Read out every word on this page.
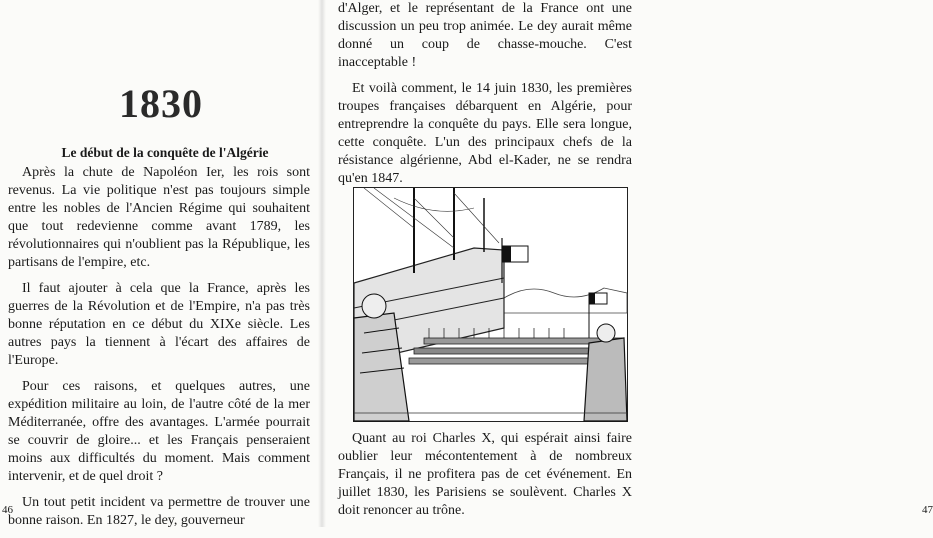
1830
Le début de la conquête de l'Algérie

Après la chute de Napoléon Ier, les rois sont revenus. La vie politique n'est pas toujours simple entre les nobles de l'Ancien Régime qui souhaitent que tout redevienne comme avant 1789, les révolutionnaires qui n'oublient pas la République, les partisans de l'empire, etc.

Il faut ajouter à cela que la France, après les guerres de la Révolution et de l'Empire, n'a pas très bonne réputation en ce début du XIXe siècle. Les autres pays la tiennent à l'écart des affaires de l'Europe.

Pour ces raisons, et quelques autres, une expédition militaire au loin, de l'autre côté de la mer Méditerranée, offre des avantages. L'armée pourrait se couvrir de gloire... et les Français penseraient moins aux difficultés du moment. Mais comment intervenir, et de quel droit ?

Un tout petit incident va permettre de trouver une bonne raison. En 1827, le dey, gouverneur

46

d'Alger, et le représentant de la France ont une discussion un peu trop animée. Le dey aurait même donné un coup de chasse-mouche. C'est inacceptable !

Et voilà comment, le 14 juin 1830, les premières troupes françaises débarquent en Algérie, pour entreprendre la conquête du pays. Elle sera longue, cette conquête. L'un des principaux chefs de la résistance algérienne, Abd el-Kader, ne se rendra qu'en 1847.

Quant au roi Charles X, qui espérait ainsi faire oublier leur mécontentement à de nombreux Français, il ne profitera pas de cet événement. En juillet 1830, les Parisiens se soulèvent. Charles X doit renoncer au trône.	47
